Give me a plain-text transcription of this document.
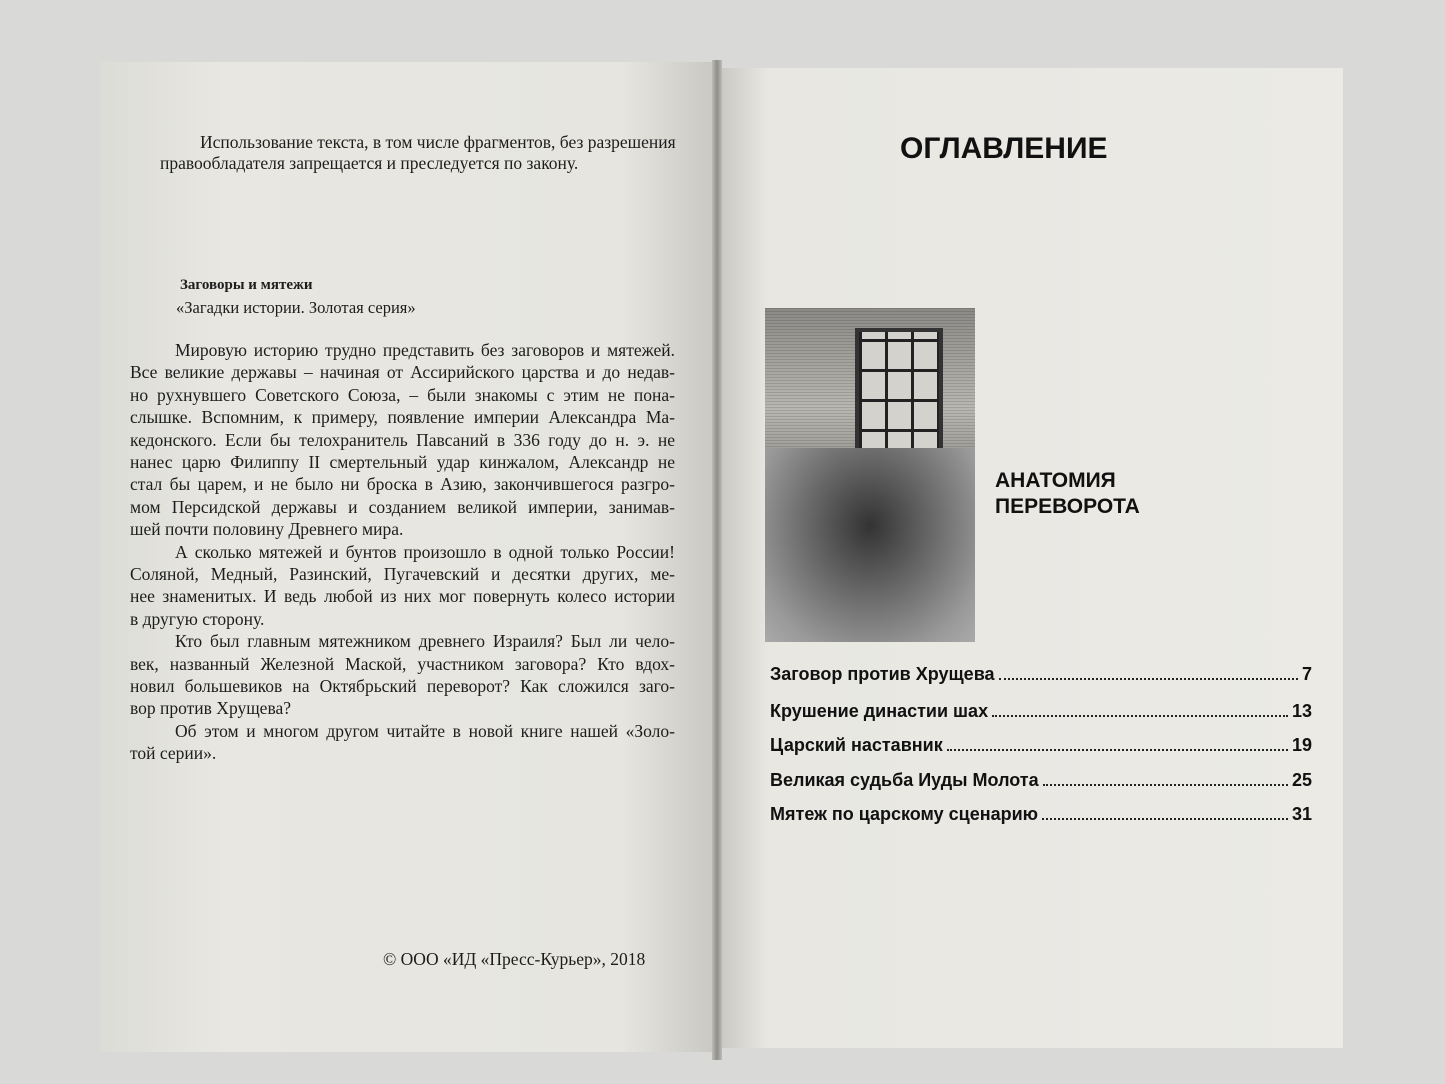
Использование текста, в том числе фрагментов, без разрешения
правообладателя запрещается и преследуется по закону.
Заговоры и мятежи
«Загадки истории. Золотая серия»
Мировую историю трудно представить без заговоров и мятежей.
Все великие державы – начиная от Ассирийского царства и до недав-
но рухнувшего Советского Союза, – были знакомы с этим не пона-
слышке. Вспомним, к примеру, появление империи Александра Ма-
кедонского. Если бы телохранитель Павсаний в 336 году до н. э. не
нанес царю Филиппу II смертельный удар кинжалом, Александр не
стал бы царем, и не было ни броска в Азию, закончившегося разгро-
мом Персидской державы и созданием великой империи, занимав-
шей почти половину Древнего мира.
А сколько мятежей и бунтов произошло в одной только России!
Соляной, Медный, Разинский, Пугачевский и десятки других, ме-
нее знаменитых. И ведь любой из них мог повернуть колесо истории
в другую сторону.
Кто был главным мятежником древнего Израиля? Был ли чело-
век, названный Железной Маской, участником заговора? Кто вдох-
новил большевиков на Октябрьский переворот? Как сложился заго-
вор против Хрущева?
Об этом и многом другом читайте в новой книге нашей «Золо-
той серии».
© ООО «ИД «Пресс-Курьер», 2018
ОГЛАВЛЕНИЕ
АНАТОМИЯ
ПЕРЕВОРОТА
Заговор против Хрущева	7
Крушение династии шах	13
Царский наставник	19
Великая судьба Иуды Молота	25
Мятеж по царскому сценарию	31
